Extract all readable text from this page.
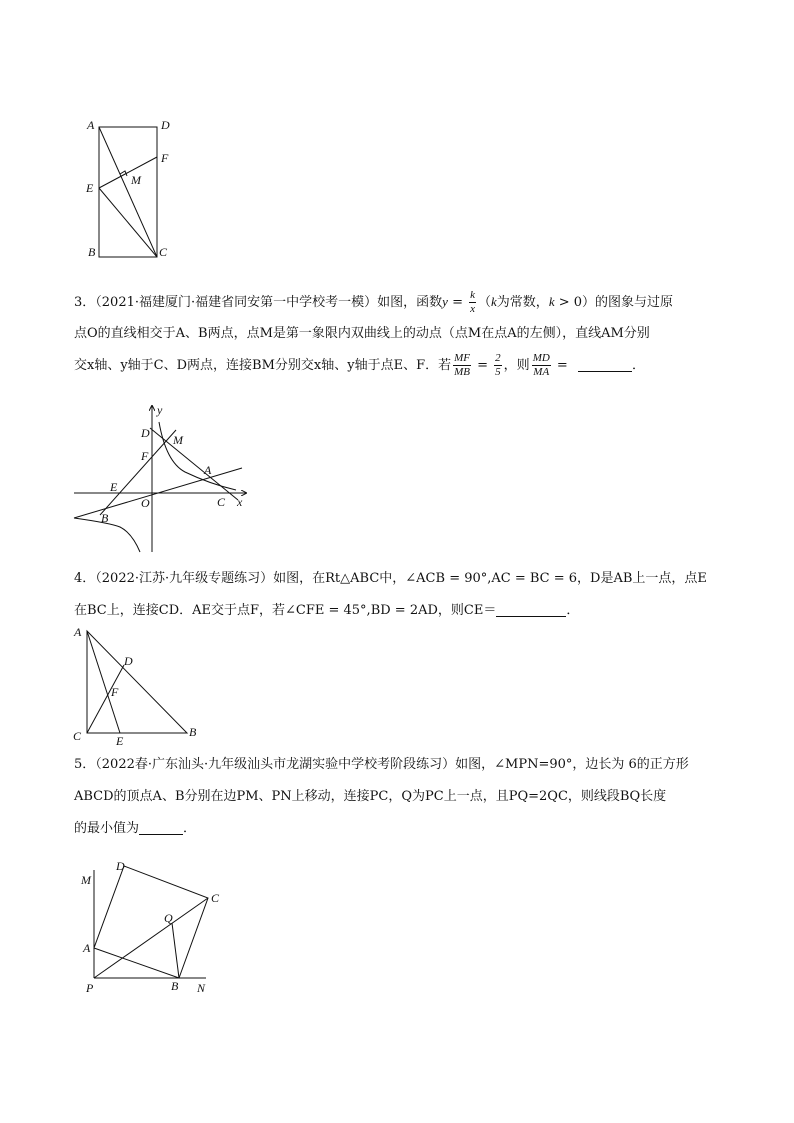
A	D
F
M
E
B	C
3．（2021·福建厦门·福建省同安第一中学校考一模）如图，函数$y = \frac{k}{x} (k$为常数，k > 0）的图象与过原
点O的直线相交于A、B两点，点M是第一象限内双曲线上的动点（点M在点A的左侧），直线AM分别
交x轴、y轴于C、D两点，连接BM分别交x轴、y轴于点E、F．若 $\frac{MF}{MB} = \frac{2}{5}$ ，则 $\frac{MD}{MA}$ =	．
y
D M
F
A
E
O	C x
B
4．（2022·江苏·九年级专题练习）如图，在Rt△ABC中，∠ACB = 90°,AC = BC = 6，D是AB上一点，点E
在BC上，连接CD．AE交于点F，若∠CFE = 45°,BD = 2AD，则CE＝	．
A
D
F
C	E
B
5．（2022春·广东汕头·九年级汕头市龙湖实验中学校考阶段练习）如图，∠MPN=90°，边长为 6的正方形
ABCD的顶点A、B分别在边PM、PN上移动，连接PC，Q为PC上一点，且PQ=2QC，则线段BQ长度
的最小值为	．
D
M
C
Q
A
P	B N
